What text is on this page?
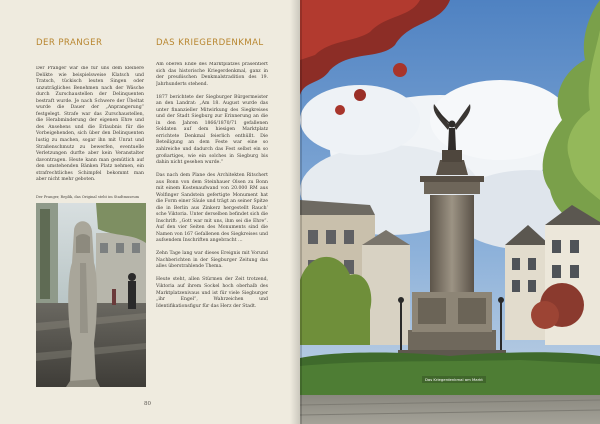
DER PRANGER	DAS KRIEGERDENKMAL

Der Pranger war die für uns dem kleinere Delikte wie beispielsweise Klatsch und Tratsch, tückisch leuten Singen oder unzuträgliches Benehmen nach der Wäsche durch Zurschaustellen der Delinquenten bestraft wurde. Je nach Schwere der Übeltat wurde die Dauer der „Anprangerung“ festgelegt. Strafe war das Zurschaustellen, die Herabminderung der eigenen Ehre und des Ansehens und die Erlaubnis für die Vorbeigehenden, sich über den Delinquenten lustig zu machen, sogar ihn mit Unrat und Straßenschmutz zu bewerfen, eventuelle Verletzungen durfte aber kein Veranstalter davontragen. Heute kann man gemütlich auf den umstehenden Bänken Platz nehmen, ein strafrechtliches Schimpfel bekommt man aber nicht mehr geboten.

Der Pranger, Replik, das Original steht im Stadtmuseum

Am oberen Ende des Marktplatzes präsentiert sich das historische Kriegerdenkmal, ganz in der preußischen Denkmalstradition des 19. Jahrhunderts stehend.

1877 berichtete der Siegburger Bürgermeister an den Landrat: „Am 18. August wurde das unter finanzieller Mitwirkung des Siegkreises und der Stadt Siegburg zur Erinnerung an die in den Jahren 1866/1870/71 gefallenen Soldaten auf dem hiesigen Marktplatz errichtete Denkmal feierlich enthüllt. Die Beteiligung an dem Feste war eine so zahlreiche und dadurch das Fest selbst ein so großartiges, wie ein solches in Siegburg bis dahin nicht gesehen wurde.“

Das nach dem Plane des Architekten Ritschert aus Bonn von dem Steinhauer Olsen zu Bonn mit einem Kostenaufwand von 20.000 RM aus Wolfinger Sandstein gefertigte Monument hat die Form einer Säule und trägt an seiner Spitze die in Berlin aus Zinkerz hergestellt Rauch’ sche Viktoria. Unter derselben befindet sich die Inschrift: „Gott war mit uns, ihm sei die Ehre“. Auf den vier Seiten des Monuments sind die Namen von 167 Gefallenen des Siegkreises und aufsendem Inschriften angebracht …

Zehn Tage lang war dieses Ereignis mit Vorund Nachberichten in der Siegburger Zeitung das alles überstrahlende Thema.

Heute steht, allen Stürmen der Zeit trotzend, Viktoria auf ihrem Sockel hoch oberhalb des Marktplatzenivaus und ist für viele Siegburger „ihr Engel“, Wahrzeichen und Identifikationsfigur für das Herz der Stadt.

80
Das Kriegerdenkmal am Markt
